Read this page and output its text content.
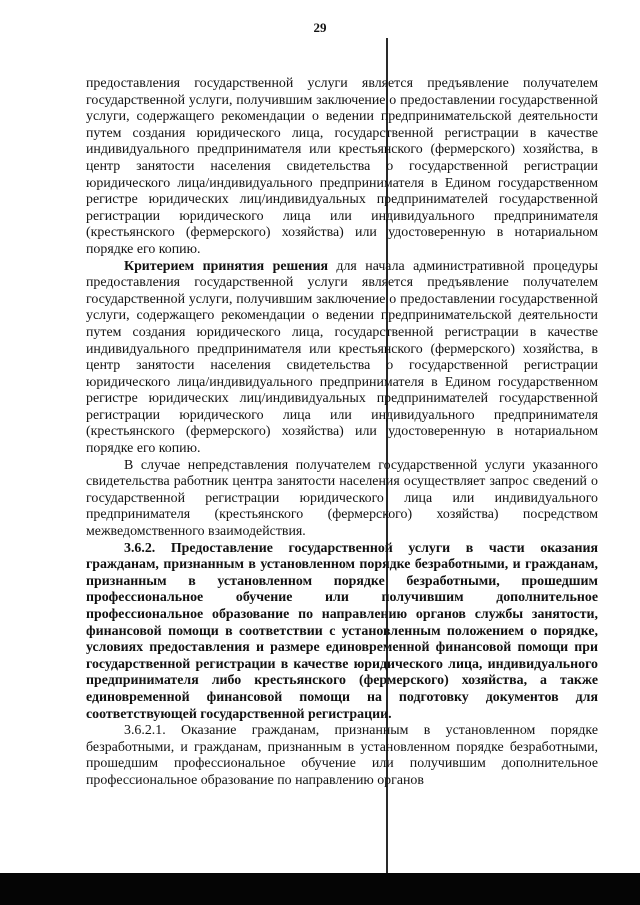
29

предоставления государственной услуги является предъявление получателем государственной услуги, получившим заключение о предоставлении государственной услуги, содержащего рекомендации о ведении предпринимательской деятельности путем создания юридического лица, государственной регистрации в качестве индивидуального предпринимателя или крестьянского (фермерского) хозяйства, в центр занятости населения свидетельства о государственной регистрации юридического лица/индивидуального предпринимателя в Едином государственном регистре юридических лиц/индивидуальных предпринимателей государственной регистрации юридического лица или индивидуального предпринимателя (крестьянского (фермерского) хозяйства) или удостоверенную в нотариальном порядке его копию.

Критерием принятия решения для начала административной процедуры предоставления государственной услуги является предъявление получателем государственной услуги, получившим заключение о предоставлении государственной услуги, содержащего рекомендации о ведении предпринимательской деятельности путем создания юридического лица, государственной регистрации в качестве индивидуального предпринимателя или крестьянского (фермерского) хозяйства, в центр занятости населения свидетельства о государственной регистрации юридического лица/индивидуального предпринимателя в Едином государственном регистре юридических лиц/индивидуальных предпринимателей государственной регистрации юридического лица или индивидуального предпринимателя (крестьянского (фермерского) хозяйства) или удостоверенную в нотариальном порядке его копию.

В случае непредставления получателем государственной услуги указанного свидетельства работник центра занятости населения осуществляет запрос сведений о государственной регистрации юридического лица или индивидуального предпринимателя (крестьянского (фермерского) хозяйства) посредством межведомственного взаимодействия.

3.6.2. Предоставление государственной услуги в части оказания гражданам, признанным в установленном порядке безработными, и гражданам, признанным в установленном порядке безработными, прошедшим профессиональное обучение или получившим дополнительное профессиональное образование по направлению органов службы занятости, финансовой помощи в соответствии с установленным положением о порядке, условиях предоставления и размере единовременной финансовой помощи при государственной регистрации в качестве юридического лица, индивидуального предпринимателя либо крестьянского (фермерского) хозяйства, а также единовременной финансовой помощи на подготовку документов для соответствующей государственной регистрации.

3.6.2.1. Оказание гражданам, признанным в установленном порядке безработными, и гражданам, признанным в установленном порядке безработными, прошедшим профессиональное обучение или получившим дополнительное профессиональное образование по направлению органов
